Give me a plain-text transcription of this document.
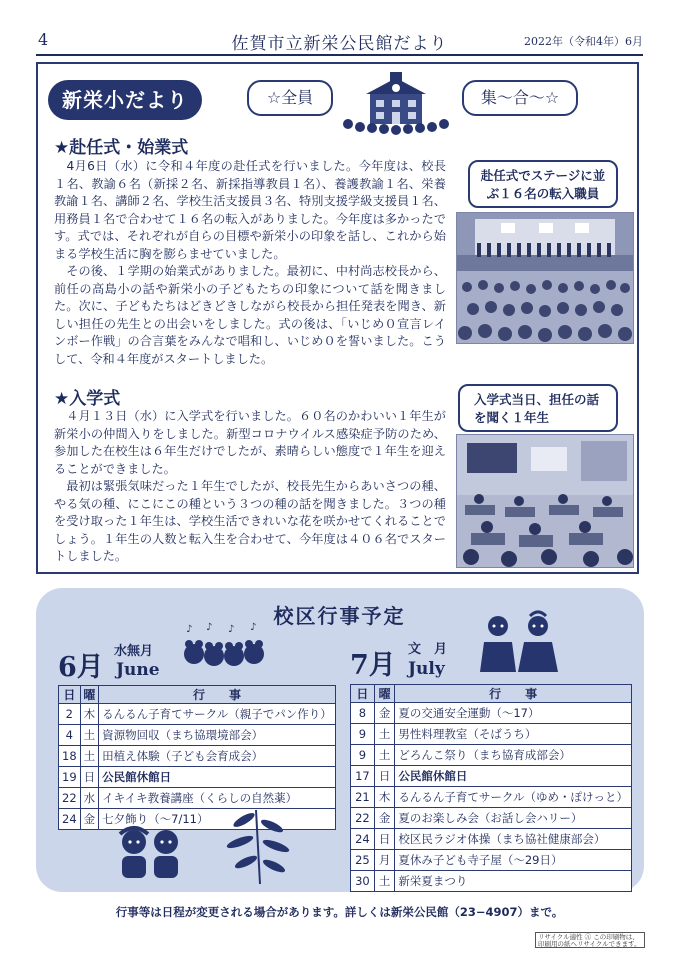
4	佐賀市立新栄公民館だより	2022年（令和4年）6月
新栄小だより	☆全員	集〜合〜☆
★赴任式・始業式
　4月6日（水）に令和４年度の赴任式を行いました。今年度は、校長１名、教諭６名（新採２名、新採指導教員１名）、養護教諭１名、栄養教諭１名、講師２名、学校生活支援員３名、特別支援学級支援員１名、用務員１名で合わせて１６名の転入がありました。今年度は多かったです。式では、それぞれが自らの目標や新栄小の印象を話し、これから始まる学校生活に胸を膨らませていました。
　その後、１学期の始業式がありました。最初に、中村尚志校長から、前任の高島小の話や新栄小の子どもたちの印象について話を聞きました。次に、子どもたちはどきどきしながら校長から担任発表を聞き、新しい担任の先生との出会いをしました。式の後は、「いじめ０宣言レインボー作戦」の合言葉をみんなで唱和し、いじめ０を誓いました。こうして、令和４年度がスタートしました。
赴任式でステージに並ぶ１６名の転入職員
★入学式
　４月１３日（水）に入学式を行いました。６０名のかわいい１年生が新栄小の仲間入りをしました。新型コロナウイルス感染症予防のため、参加した在校生は６年生だけでしたが、素晴らしい態度で１年生を迎えることができました。
　最初は緊張気味だった１年生でしたが、校長先生からあいさつの種、やる気の種、にこにこの種という３つの種の話を聞きました。３つの種を受け取った１年生は、学校生活できれいな花を咲かせてくれることでしょう。１年生の人数と転入生を合わせて、今年度は４０６名でスタートしました。
入学式当日、担任の話を聞く１年生
校区行事予定
6月
水無月
June
♪ ♪ ♪ ♪
日	曜	行　　事
2	木	るんるん子育てサークル（親子でパン作り）
4	土	資源物回収（まち協環境部会）
18	土	田植え体験（子ども会育成会）
19	日	公民館休館日
22	水	イキイキ教養講座（くらしの自然薬）
24	金	七夕飾り（〜7/11）
7月
文　月
July
日	曜	行　　事
8	金	夏の交通安全運動（〜17）
9	土	男性料理教室（そばうち）
9	土	どろんこ祭り（まち協育成部会）
17	日	公民館休館日
21	木	るんるん子育てサークル（ゆめ・ぽけっと）
22	金	夏のお楽しみ会（お話し会ハリー）
24	日	校区民ラジオ体操（まち協社健康部会）
25	月	夏休み子ども寺子屋（〜29日）
30	土	新栄夏まつり
行事等は日程が変更される場合があります。詳しくは新栄公民館（23−4907）まで。
リサイクル適性 Ⓐ この印刷物は、印刷用の紙へリサイクルできます。
